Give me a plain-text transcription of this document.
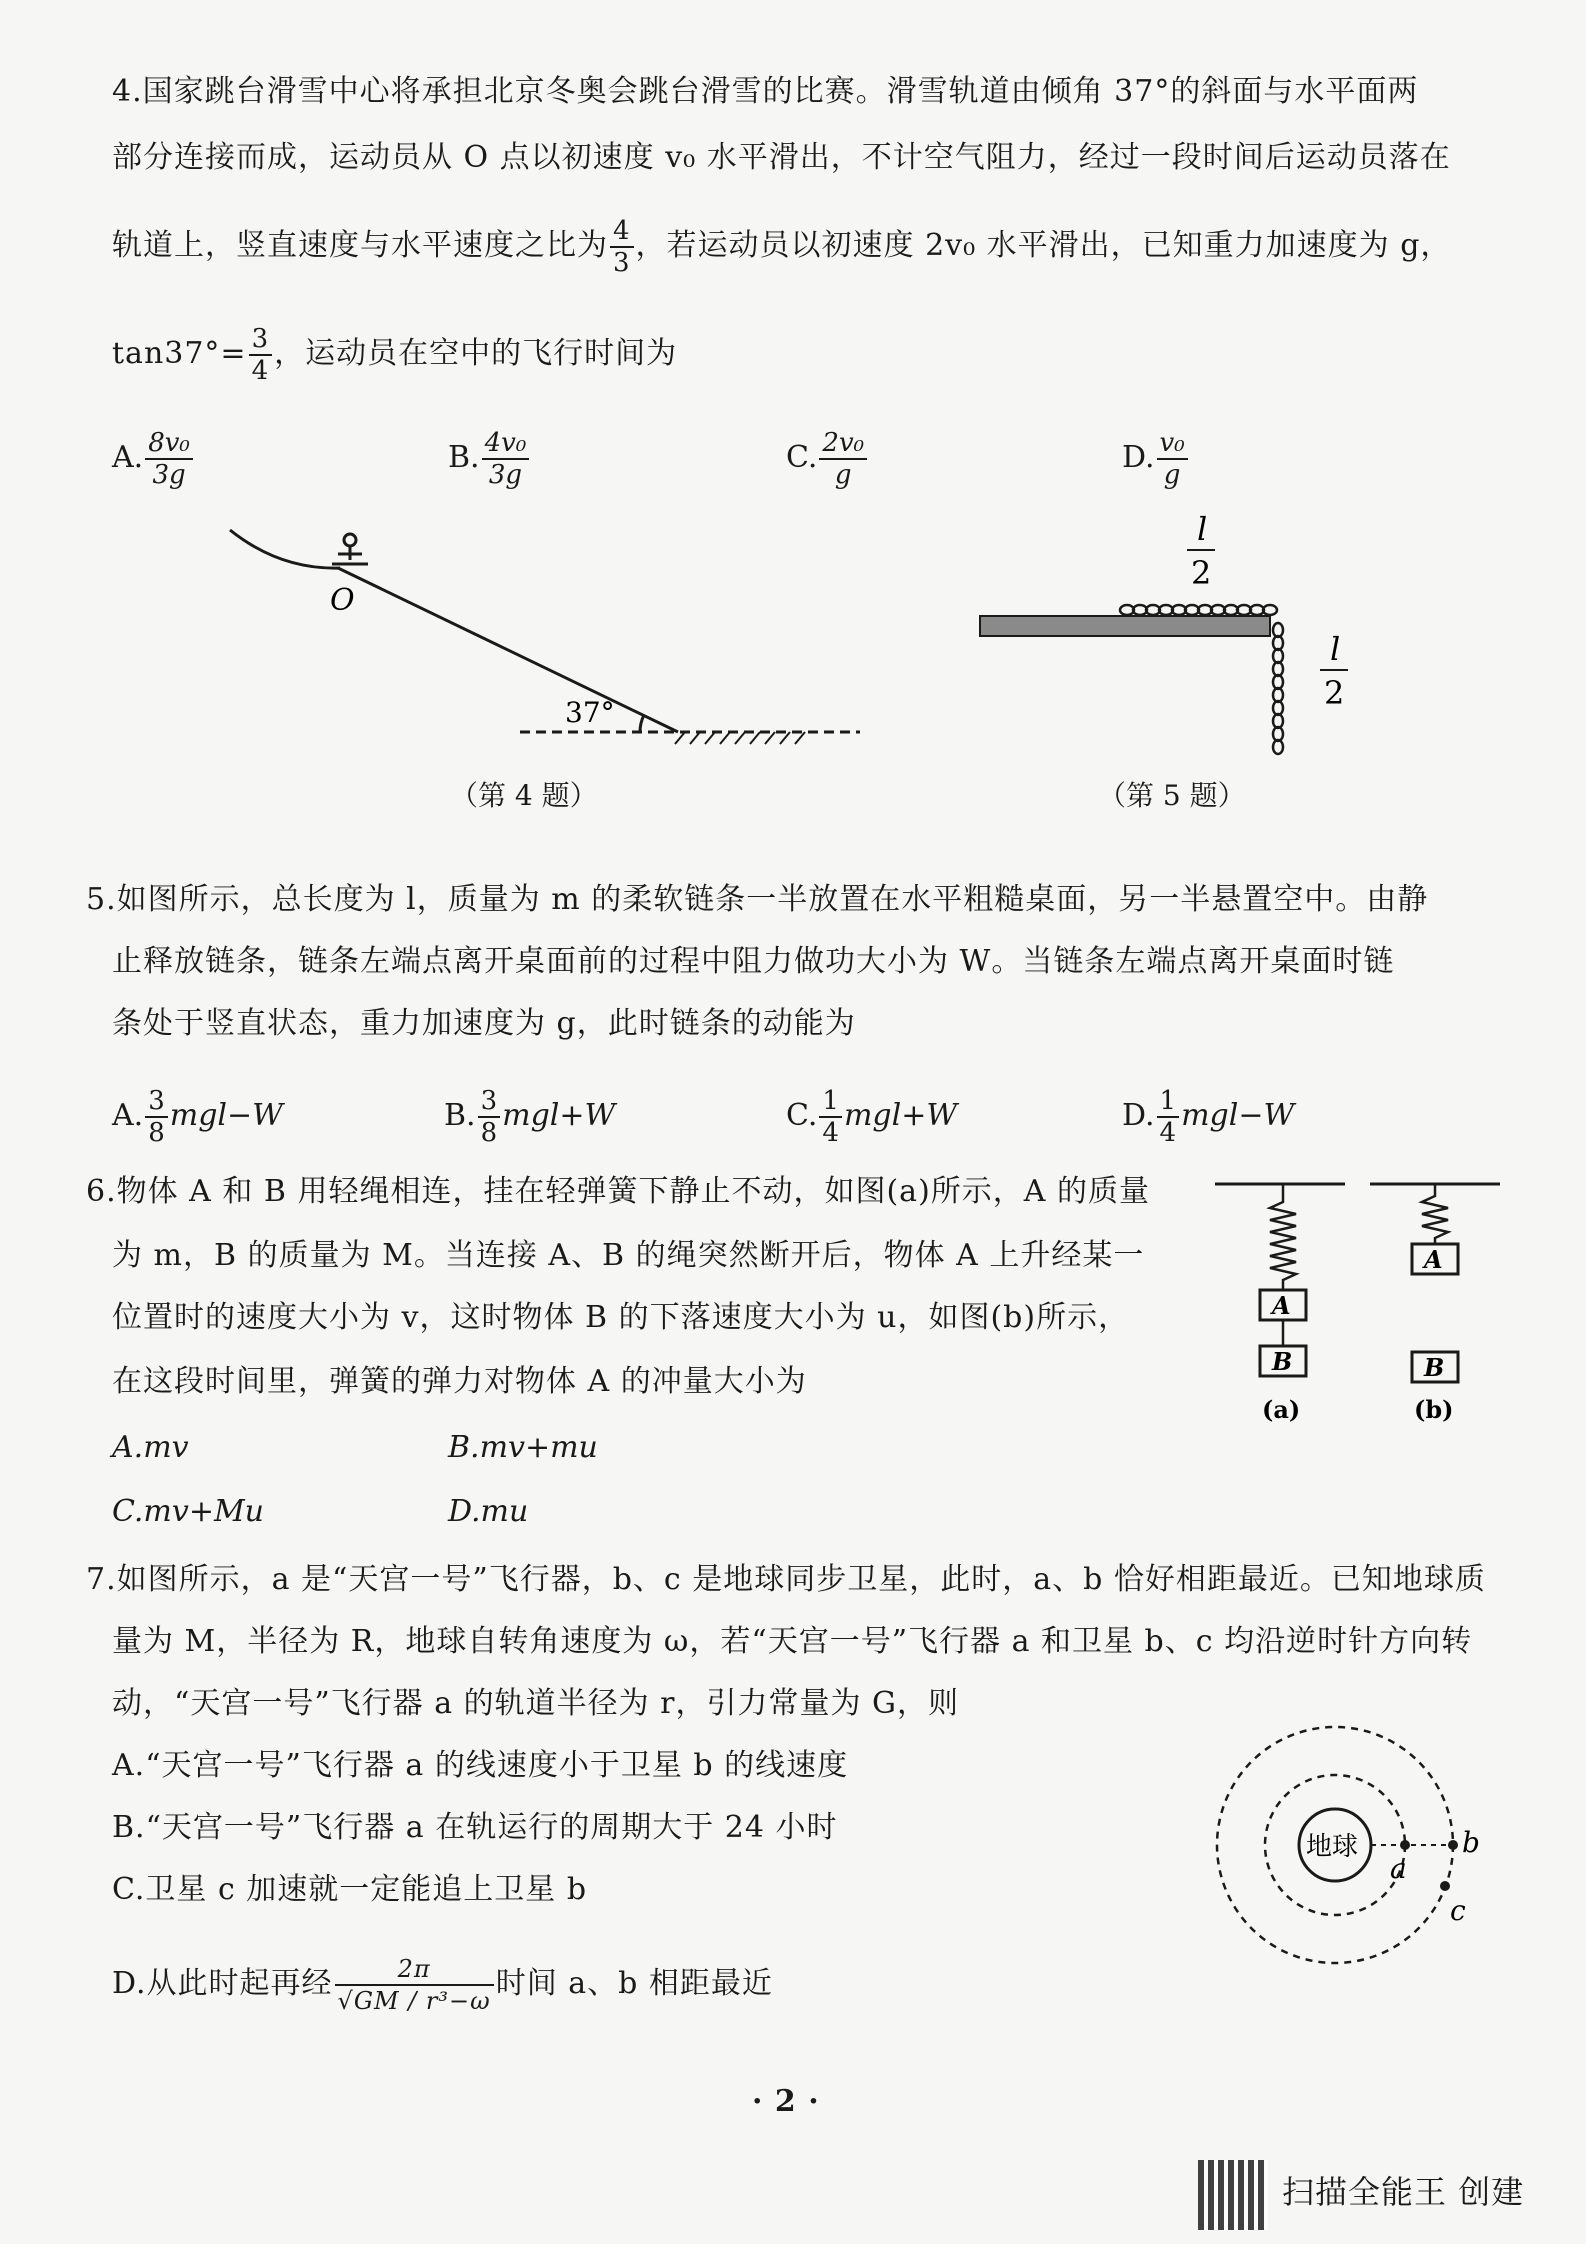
4.国家跳台滑雪中心将承担北京冬奥会跳台滑雪的比赛。滑雪轨道由倾角 37°的斜面与水平面两
部分连接而成，运动员从 O 点以初速度 v₀ 水平滑出，不计空气阻力，经过一段时间后运动员落在
轨道上，竖直速度与水平速度之比为 $\frac{4}{3}$ ，若运动员以初速度 2v₀ 水平滑出，已知重力加速度为 g，
$\tan 37^\circ= \frac{3}{4}$ ，运动员在空中的飞行时间为
A. $\frac{\text{8v₀}}{3g}$	B. $\frac{\text{4v₀}}{3g}$	C. $\frac{\text{2v₀}}{g}$	D. $\frac{\text{v₀}}{g}$
O
37°
（第 4 题）
l
2
l
2
（第 5 题）
5.如图所示，总长度为 l，质量为 m 的柔软链条一半放置在水平粗糙桌面，另一半悬置空中。由静
止释放链条，链条左端点离开桌面前的过程中阻力做功大小为 W。当链条左端点离开桌面时链
条处于竖直状态，重力加速度为 g，此时链条的动能为
A. $\frac{3}{8} mgl-W$	B. $\frac{3}{8} mgl+W$	C. $\frac{1}{4} mgl+W$	D. $\frac{1}{4} mgl-W$
6.物体 A 和 B 用轻绳相连，挂在轻弹簧下静止不动，如图(a)所示，A 的质量
为 m，B 的质量为 M。当连接 A、B 的绳突然断开后，物体 A 上升经某一
位置时的速度大小为 v，这时物体 B 的下落速度大小为 u，如图(b)所示，
在这段时间里，弹簧的弹力对物体 A 的冲量大小为
A.mv	B.mv+mu
C.mv+Mu	D.mu
A
B
A
B
(a)	(b)
7.如图所示，a 是“天宫一号”飞行器，b、c 是地球同步卫星，此时，a、b 恰好相距最近。已知地球质
量为 M，半径为 R，地球自转角速度为 ω，若“天宫一号”飞行器 a 和卫星 b、c 均沿逆时针方向转
动，“天宫一号”飞行器 a 的轨道半径为 r，引力常量为 G，则
A.“天宫一号”飞行器 a 的线速度小于卫星 b 的线速度
B.“天宫一号”飞行器 a 在轨运行的周期大于 24 小时
C.卫星 c 加速就一定能追上卫星 b
D.从此时起再经 $\frac{2\pi}{\text{√GM / r³−ω}}$ 时间 a、b 相距最近
地球
a
b
c
· 2 ·
扫描全能王 创建
